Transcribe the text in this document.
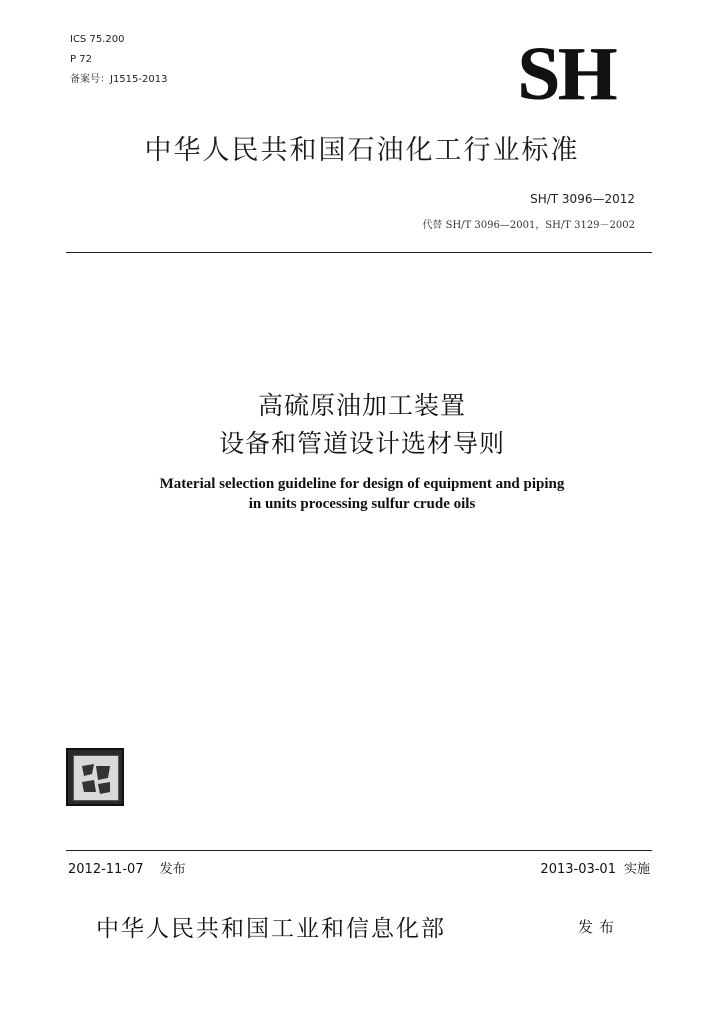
ICS 75.200
P 72
备案号：J1515-2013	SH
中华人民共和国石油化工行业标准
SH/T 3096—2012
代替 SH/T 3096—2001，SH/T 3129－2002
高硫原油加工装置
设备和管道设计选材导则
Material selection guideline for design of equipment and piping
in units processing sulfur crude oils
2012-11-07 发布	2013-03-01 实施
中华人民共和国工业和信息化部	发布
